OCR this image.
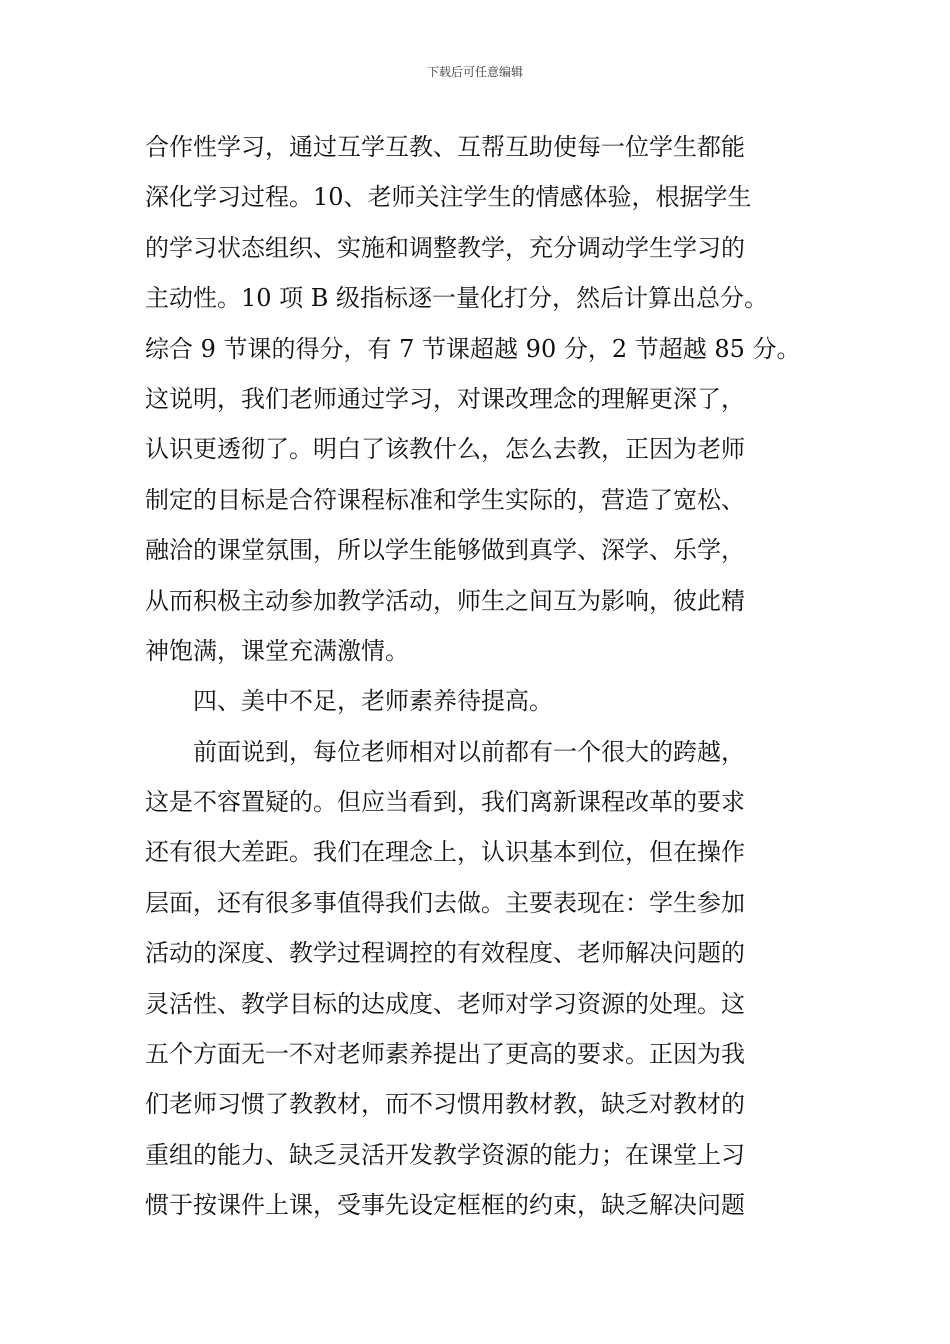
下载后可任意编辑
合作性学习，通过互学互教、互帮互助使每一位学生都能
深化学习过程。10、老师关注学生的情感体验，根据学生
的学习状态组织、实施和调整教学，充分调动学生学习的
主动性。10 项 B 级指标逐一量化打分，然后计算出总分。
综合 9 节课的得分，有 7 节课超越 90 分，2 节超越 85 分。
这说明，我们老师通过学习，对课改理念的理解更深了，
认识更透彻了。明白了该教什么，怎么去教，正因为老师
制定的目标是合符课程标准和学生实际的，营造了宽松、
融洽的课堂氛围，所以学生能够做到真学、深学、乐学，
从而积极主动参加教学活动，师生之间互为影响，彼此精
神饱满，课堂充满激情。
四、美中不足，老师素养待提高。
前面说到，每位老师相对以前都有一个很大的跨越，
这是不容置疑的。但应当看到，我们离新课程改革的要求
还有很大差距。我们在理念上，认识基本到位，但在操作
层面，还有很多事值得我们去做。主要表现在：学生参加
活动的深度、教学过程调控的有效程度、老师解决问题的
灵活性、教学目标的达成度、老师对学习资源的处理。这
五个方面无一不对老师素养提出了更高的要求。正因为我
们老师习惯了教教材，而不习惯用教材教，缺乏对教材的
重组的能力、缺乏灵活开发教学资源的能力；在课堂上习
惯于按课件上课，受事先设定框框的约束，缺乏解决问题
